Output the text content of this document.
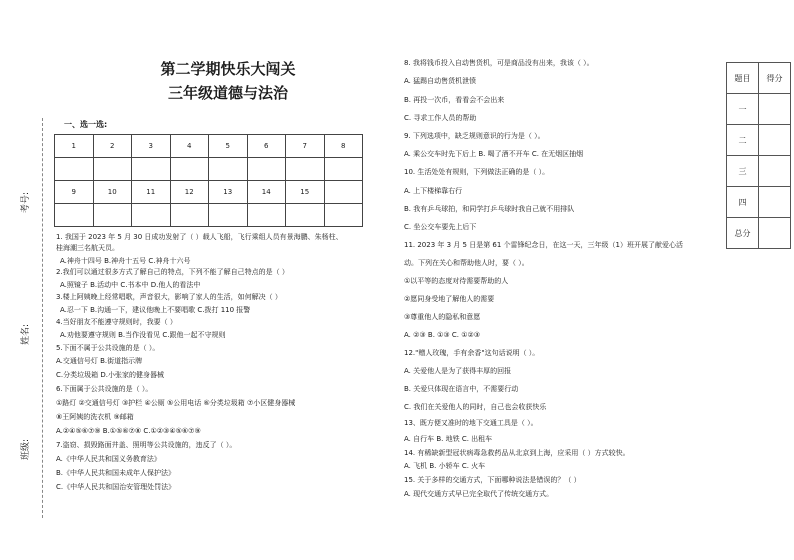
第二学期快乐大闯关
三年级道德与法治
一、选一选:
考号:
姓名:
班级:
1	2	3	4	5	6	7	8

9	10	11	12	13	14	15	

1. 我国于 2023 年 5 月 30 日成功发射了（ ）载人飞船，飞行乘组人员有景海鹏、朱杨柱、
桂海潮三名航天员。
A.神舟十四号 B.神舟十五号 C.神舟十六号
2.我们可以通过很多方式了解自己的特点，下列不能了解自己特点的是（ ）
A.照镜子 B.活动中 C.书本中 D.他人的看法中
3.楼上阿姨晚上经常唱歌，声音很大，影响了家人的生活，如何解决（ ）
A.忍一下 B.沟通一下，建议他晚上不要唱歌 C.拨打 110 报警
4.当好朋友不能遵守规则时，我要（ ）
A.劝他要遵守规则 B.当作没看见 C.跟他一起不守规则
5.下面不属于公共设施的是（ ）。
A.交通信号灯 B.街道指示牌
C.分类垃圾箱 D.小张家的健身器械
6.下面属于公共设施的是（ ）。
①路灯 ②交通信号灯 ③护栏 ④公厕 ⑤公用电话 ⑥分类垃圾箱 ⑦小区健身器械
⑧王阿姨的洗衣机 ⑨邮箱
A.②④⑤⑥⑦⑨ B.①⑤⑥⑦⑧ C.①②③④⑤⑥⑦⑨
7.盗窃、损毁路面井盖、照明等公共设施的，违反了（ ）。
A.《中华人民共和国义务教育法》
B.《中华人民共和国未成年人保护法》
C.《中华人民共和国治安管理处罚法》
8. 我将钱币投入自动售货机，可是商品没有出来，我该（ ）。
A. 猛踢自动售货机泄愤
B. 再投一次币，看看会不会出来
C. 寻求工作人员的帮助
9. 下列选项中，缺乏规则意识的行为是（ ）。
A. 乘公交车时先下后上 B. 喝了酒不开车 C. 在无烟区抽烟
10. 生活处处有规则，下列做法正确的是（ ）。
A. 上下楼梯靠右行
B. 我有乒乓球拍，和同学打乒乓球时我自己就不用排队
C. 坐公交车要先上后下
11. 2023 年 3 月 5 日是第 61 个雷锋纪念日，在这一天，三年级（1）班开展了献爱心活
动。下列在关心和帮助他人时，要（ ）。
①以平等的态度对待需要帮助的人
②愿同身受地了解他人的需要
③尊重他人的隐私和意愿
A. ②③ B. ①③ C. ①②③
12."赠人玫瑰，手有余香"这句话说明（ ）。
A. 关爱他人是为了获得丰厚的回报
B. 关爱只体现在语言中，不需要行动
C. 我们在关爱他人的同时，自己也会收获快乐
13、既方便又准时的地下交通工具是（ ）。
A. 自行车 B. 地铁 C. 出租车
14. 有稀缺新型冠状病毒急救药品从北京到上海，应采用（ ）方式较快。
A. 飞机 B. 小轿车 C. 火车
15. 关于多样的交通方式，下面哪种说法是错误的？（ ）
A. 现代交通方式早已完全取代了传统交通方式。
题目	得分
一	
二	
三	
四	
总分	
